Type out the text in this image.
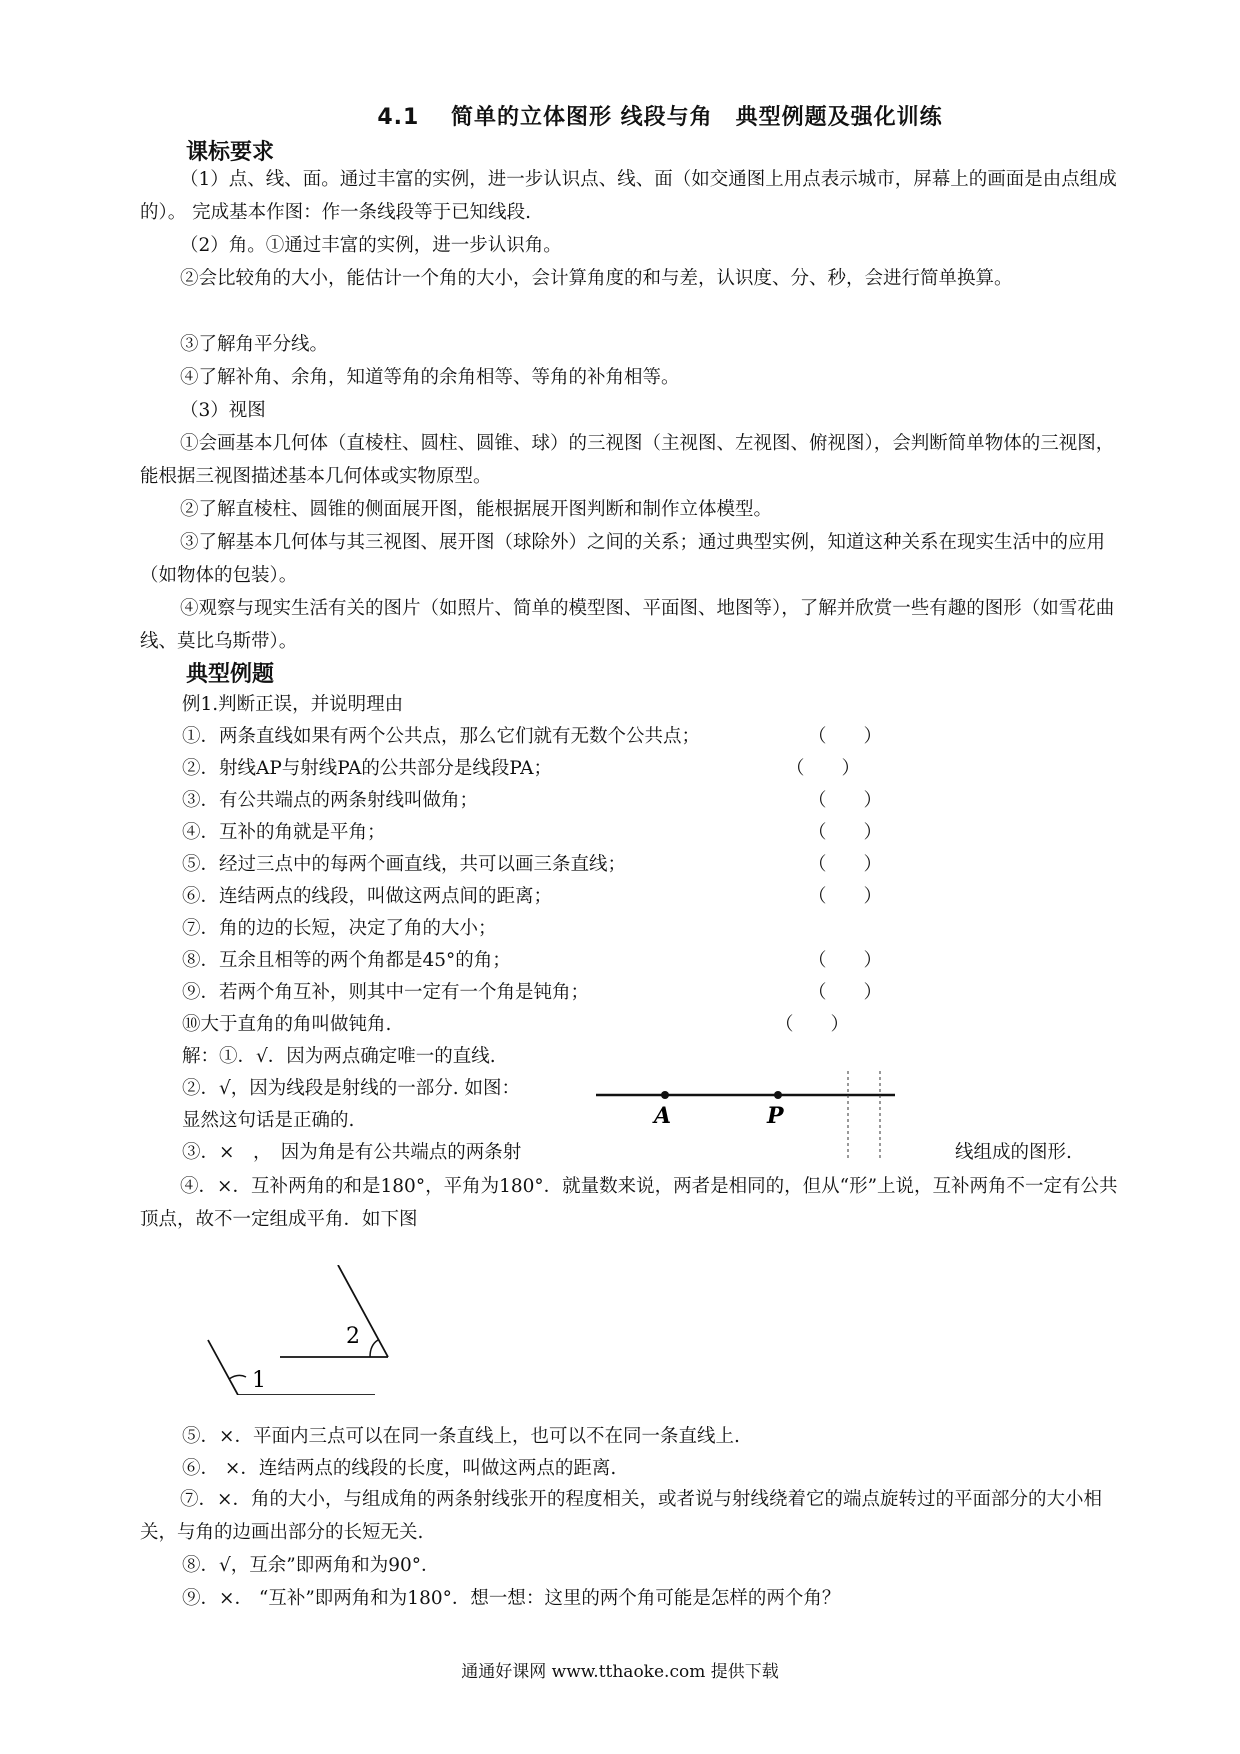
4.1　 简单的立体图形 线段与角　典型例题及强化训练
课标要求
（1）点、线、面。通过丰富的实例，进一步认识点、线、面（如交通图上用点表示城市，屏幕上的画面是由点组成的）。 完成基本作图：作一条线段等于已知线段.
（2）角。①通过丰富的实例，进一步认识角。
②会比较角的大小，能估计一个角的大小，会计算角度的和与差，认识度、分、秒，会进行简单换算。
③了解角平分线。
④了解补角、余角，知道等角的余角相等、等角的补角相等。
（3）视图
①会画基本几何体（直棱柱、圆柱、圆锥、球）的三视图（主视图、左视图、俯视图），会判断简单物体的三视图，能根据三视图描述基本几何体或实物原型。
②了解直棱柱、圆锥的侧面展开图，能根据展开图判断和制作立体模型。
③了解基本几何体与其三视图、展开图（球除外）之间的关系；通过典型实例，知道这种关系在现实生活中的应用（如物体的包装）。
④观察与现实生活有关的图片（如照片、简单的模型图、平面图、地图等），了解并欣赏一些有趣的图形（如雪花曲线、莫比乌斯带）。
典型例题
例1.判断正误，并说明理由
①．两条直线如果有两个公共点，那么它们就有无数个公共点；	（　　）
②．射线AP与射线PA的公共部分是线段PA；	（　　）
③．有公共端点的两条射线叫做角；	（　　）
④．互补的角就是平角；	（　　）
⑤．经过三点中的每两个画直线，共可以画三条直线；	（　　）
⑥．连结两点的线段，叫做这两点间的距离；	（　　）
⑦．角的边的长短，决定了角的大小；
⑧．互余且相等的两个角都是45°的角；	（　　）
⑨．若两个角互补，则其中一定有一个角是钝角；	（　　）
⑩大于直角的角叫做钝角.	（　　）
解：①．√．因为两点确定唯一的直线.
②．√，因为线段是射线的一部分. 如图：
显然这句话是正确的.
③．×　，　因为角是有公共端点的两条射	线组成的图形.
A	P
④．×．互补两角的和是180°，平角为180°．就量数来说，两者是相同的，但从“形”上说，互补两角不一定有公共顶点，故不一定组成平角．如下图
1
2
⑤．×．平面内三点可以在同一条直线上，也可以不在同一条直线上.
⑥． ×．连结两点的线段的长度，叫做这两点的距离.
⑦．×．角的大小，与组成角的两条射线张开的程度相关，或者说与射线绕着它的端点旋转过的平面部分的大小相关，与角的边画出部分的长短无关.
⑧．√，互余”即两角和为90°．
⑨．×． “互补”即两角和为180°．想一想：这里的两个角可能是怎样的两个角？
通通好课网 www.tthaoke.com 提供下载
